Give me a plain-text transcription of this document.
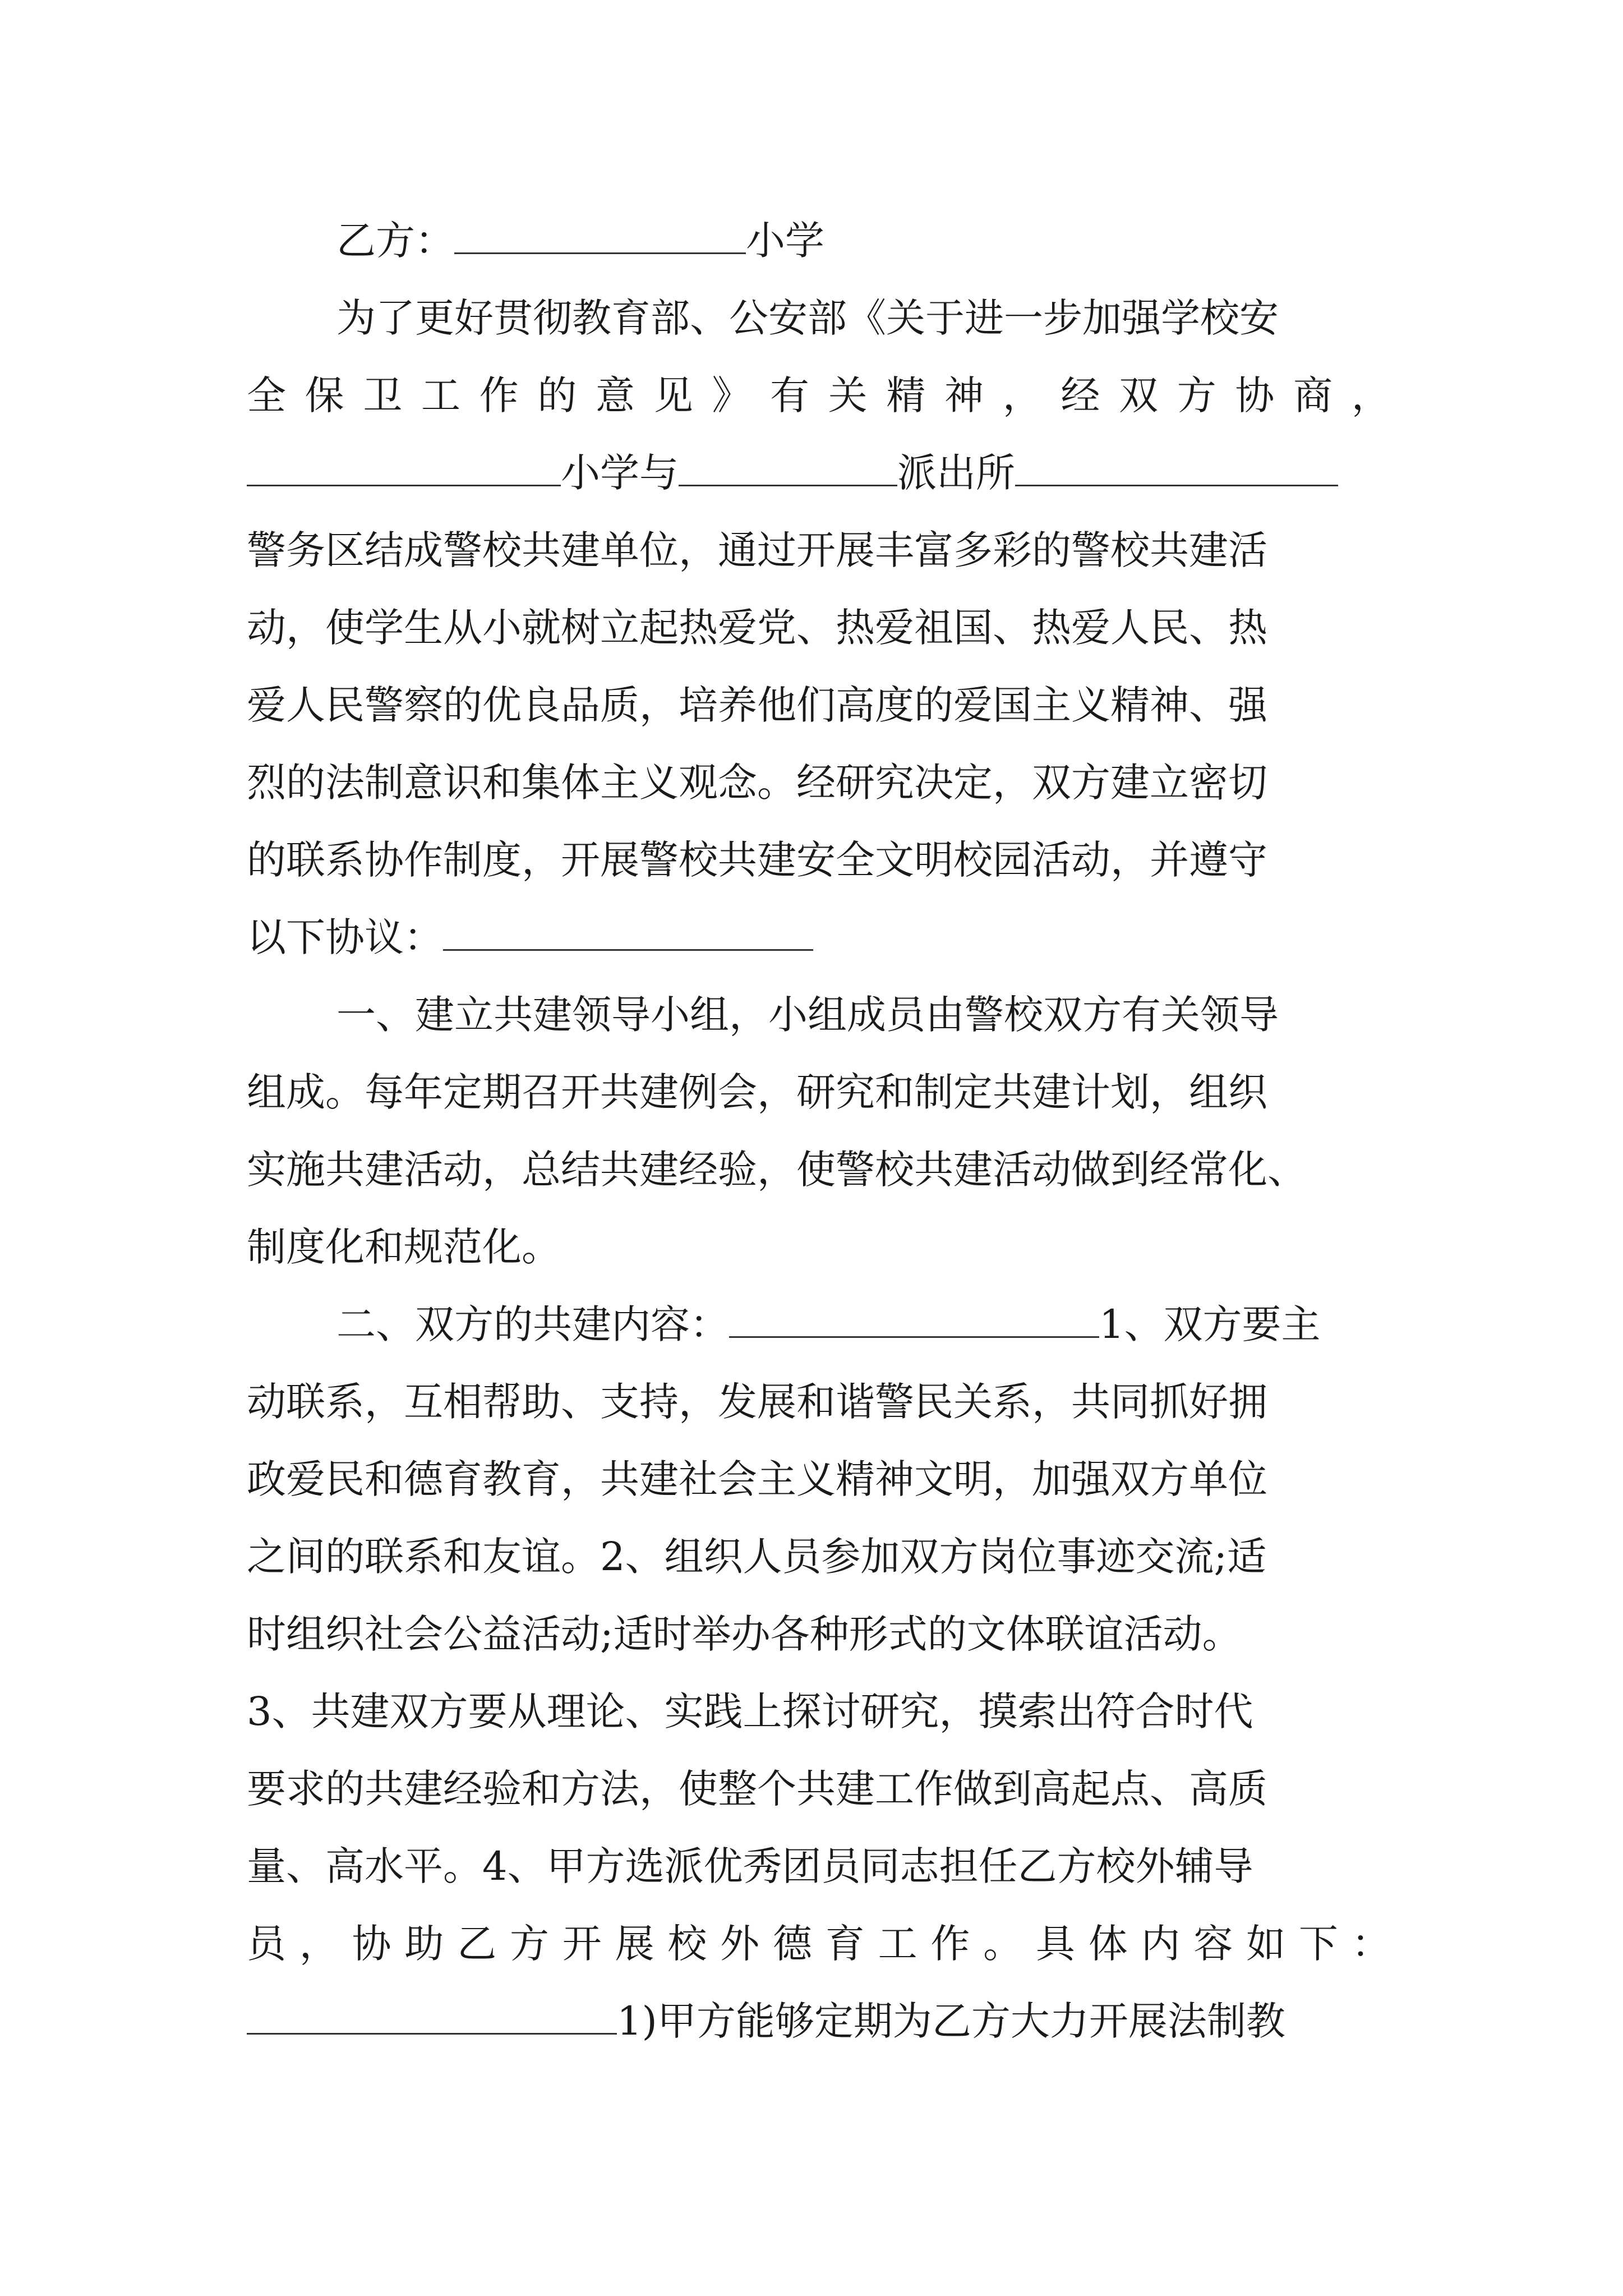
乙方：	小学
为了更好贯彻教育部、公安部《关于进一步加强学校安
全 保 卫 工 作 的 意 见 》 有 关 精 神 ， 经 双 方 协 商 ，
小学与	派出所
警务区结成警校共建单位，通过开展丰富多彩的警校共建活
动，使学生从小就树立起热爱党、热爱祖国、热爱人民、热
爱人民警察的优良品质，培养他们高度的爱国主义精神、强
烈的法制意识和集体主义观念。经研究决定，双方建立密切
的联系协作制度，开展警校共建安全文明校园活动，并遵守
以下协议：
一、建立共建领导小组，小组成员由警校双方有关领导
组成。每年定期召开共建例会，研究和制定共建计划，组织
实施共建活动，总结共建经验，使警校共建活动做到经常化、
制度化和规范化。
二、双方的共建内容：	1、双方要主
动联系，互相帮助、支持，发展和谐警民关系，共同抓好拥
政爱民和德育教育，共建社会主义精神文明，加强双方单位
之间的联系和友谊。2、组织人员参加双方岗位事迹交流;适
时组织社会公益活动;适时举办各种形式的文体联谊活动。
3、共建双方要从理论、实践上探讨研究，摸索出符合时代
要求的共建经验和方法，使整个共建工作做到高起点、高质
量、高水平。4、甲方选派优秀团员同志担任乙方校外辅导
员 ， 协 助 乙 方 开 展 校 外 德 育 工 作 。 具 体 内 容 如 下 ：
1)甲方能够定期为乙方大力开展法制教
